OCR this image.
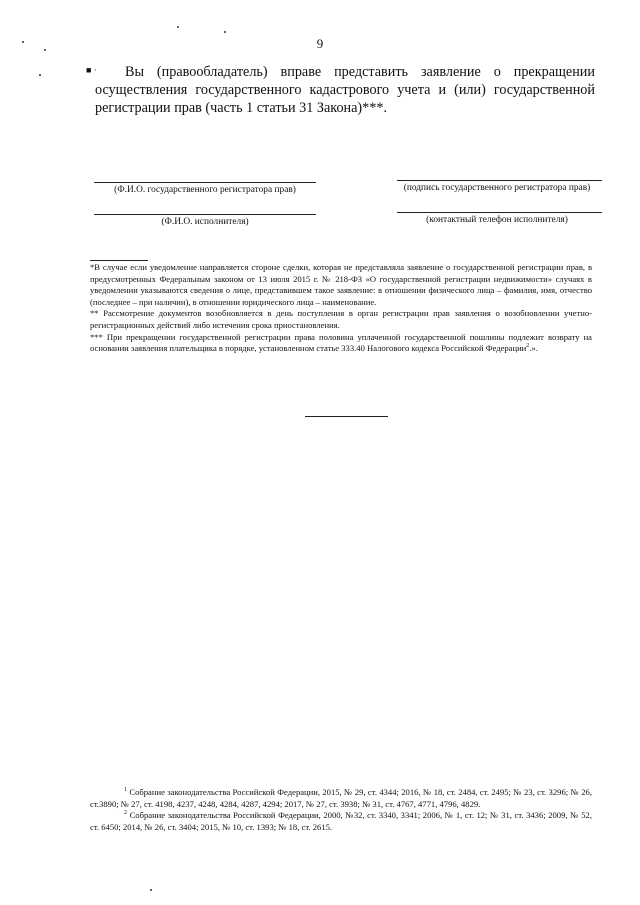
■ ·
9
Вы (правообладатель) вправе представить заявление о прекращении осуществления государственного кадастрового учета и (или) государственной регистрации прав (часть 1 статьи 31 Закона)***.
(Ф.И.О. государственного регистратора прав)	(подпись государственного регистратора прав)
(Ф.И.О. исполнителя)	(контактный телефон исполнителя)

*В случае если уведомление направляется стороне сделки, которая не представляла заявление о государственной регистрации прав, в предусмотренных Федеральным законом от 13 июля 2015 г. № 218-ФЗ «О государственной регистрации недвижимости» случаях в уведомлении указываются сведения о лице, представившем такое заявление: в отношении физического лица – фамилия, имя, отчество (последнее – при наличии), в отношении юридического лица – наименование.

** Рассмотрение документов возобновляется в день поступления в орган регистрации прав заявления о возобновлении учетно-регистрационных действий либо истечения срока приостановления.

*** При прекращении государственной регистрации права половина уплаченной государственной пошлины подлежит возврату на основании заявления плательщика в порядке, установленном статье 333.40 Налогового кодекса Российской Федерации$^2$.».

$^1$ Собрание законодательства Российской Федерации, 2015, № 29, ст. 4344; 2016, № 18, ст. 2484, ст. 2495; № 23, ст. 3296; № 26, ст.3890; № 27, ст. 4198, 4237, 4248, 4284, 4287, 4294; 2017, № 27, ст. 3938; № 31, ст. 4767, 4771, 4796, 4829.

$^2$ Собрание законодательства Российской Федерации, 2000, №32, ст. 3340, 3341; 2006, № 1, ст. 12; № 31, ст. 3436; 2009, № 52, ст. 6450; 2014, № 26, ст. 3404; 2015, № 10, ст. 1393; № 18, ст. 2615.
